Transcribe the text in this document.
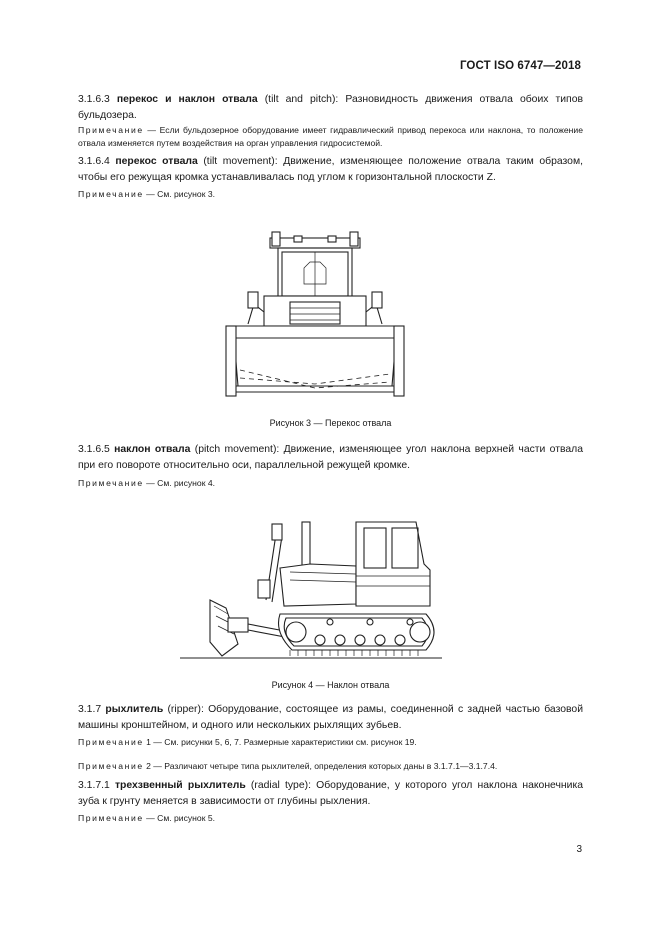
ГОСТ ISO 6747—2018
3.1.6.3 перекос и наклон отвала (tilt and pitch): Разновидность движения отвала обоих типов бульдозера.
Примечание — Если бульдозерное оборудование имеет гидравлический привод перекоса или наклона, то положение отвала изменяется путем воздействия на орган управления гидросистемой.
3.1.6.4 перекос отвала (tilt movement): Движение, изменяющее положение отвала таким образом, чтобы его режущая кромка устанавливалась под углом к горизонтальной плоскости Z.
Примечание — См. рисунок 3.
Рисунок 3 — Перекос отвала
3.1.6.5 наклон отвала (pitch movement): Движение, изменяющее угол наклона верхней части отвала при его повороте относительно оси, параллельной режущей кромке.
Примечание — См. рисунок 4.
Рисунок 4 — Наклон отвала
3.1.7 рыхлитель (ripper): Оборудование, состоящее из рамы, соединенной с задней частью базовой машины кронштейном, и одного или нескольких рыхлящих зубьев.
Примечание 1 — См. рисунки 5, 6, 7. Размерные характеристики см. рисунок 19.
Примечание 2 — Различают четыре типа рыхлителей, определения которых даны в 3.1.7.1—3.1.7.4.
3.1.7.1 трехзвенный рыхлитель (radial type): Оборудование, у которого угол наклона наконечника зуба к грунту меняется в зависимости от глубины рыхления.
Примечание — См. рисунок 5.
3
